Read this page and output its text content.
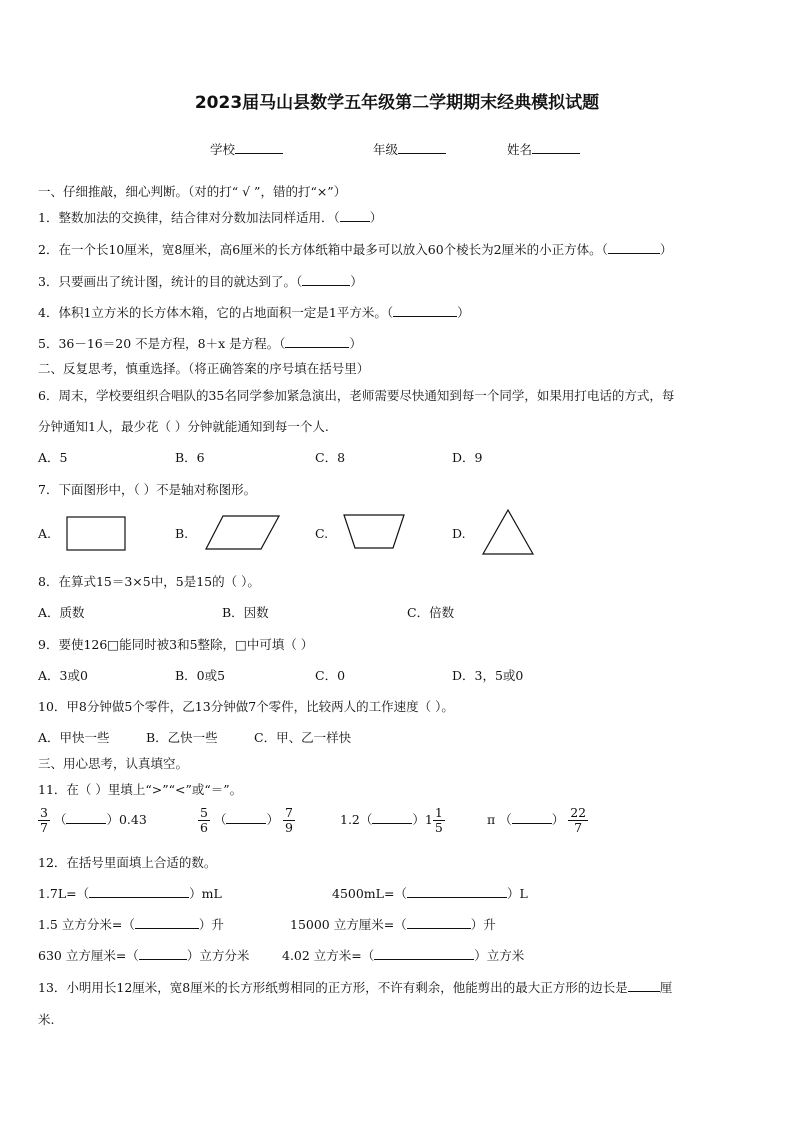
2023届马山县数学五年级第二学期期末经典模拟试题
学校	年级	姓名
一、仔细推敲，细心判断。（对的打“ √ ”，错的打“×”）
1．整数加法的交换律，结合律对分数加法同样适用．（ ）
2．在一个长10厘米，宽8厘米，高6厘米的长方体纸箱中最多可以放入60个棱长为2厘米的小正方体。（	）
3．只要画出了统计图，统计的目的就达到了。（	）
4．体积1立方米的长方体木箱，它的占地面积一定是1平方米。（	）
5．36－16＝20 不是方程，8＋x 是方程。（	）
二、反复思考，慎重选择。（将正确答案的序号填在括号里）
6．周末，学校要组织合唱队的35名同学参加紧急演出，老师需要尽快通知到每一个同学，如果用打电话的方式，每
分钟通知1人，最少花（ ）分钟就能通知到每一个人.
A．5	B．6	C．8	D．9
7．下面图形中，（ ）不是轴对称图形。
A.	B.	C.	D.
8．在算式15＝3×5中，5是15的（ ）。
A．质数	B．因数	C．倍数
9．要使126□能同时被3和5整除，□中可填（ ）
A．3或0	B．0或5	C．0	D．3，5或0
10．甲8分钟做5个零件，乙13分钟做7个零件，比较两人的工作速度（ ）。
A．甲快一些	B．乙快一些	C．甲、乙一样快
三、用心思考，认真填空。
11．在（ ）里填上“>”“<”或“＝”。
$\frac{3}{7}$ （	）0.43	$\frac{5}{6}$ （	） $\frac{7}{9}$	1.2（	）$1 \frac{1}{5}$	π （	） $\frac{22}{7}$
12．在括号里面填上合适的数。
1.7L=（	）mL	4500mL=（	）L
1.5 立方分米=（	）升	15000 立方厘米=（	）升
630 立方厘米=（	）立方分米	4.02 立方米=（	）立方米
13．小明用长12厘米，宽8厘米的长方形纸剪相同的正方形，不许有剩余，他能剪出的最大正方形的边长是	厘
米.
